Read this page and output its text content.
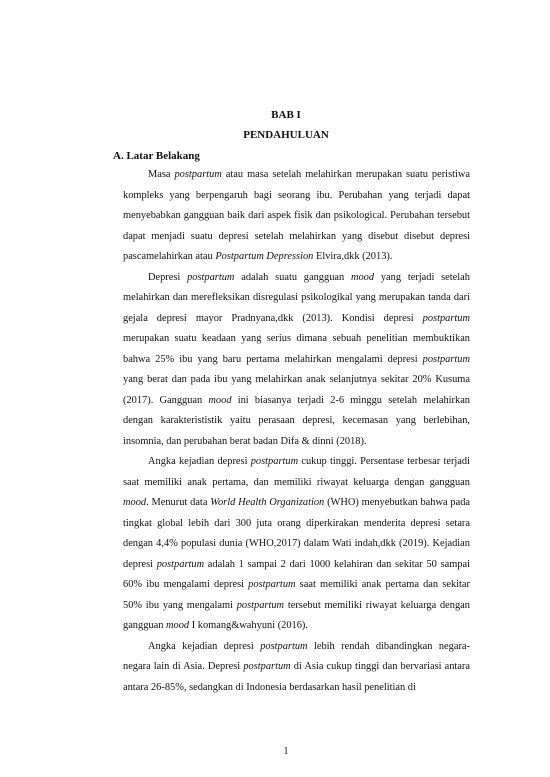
BAB I
PENDAHULUAN
A. Latar Belakang

Masa postpartum atau masa setelah melahirkan merupakan suatu peristiwa kompleks yang berpengaruh bagi seorang ibu. Perubahan yang terjadi dapat menyebabkan gangguan baik dari aspek fisik dan psikological. Perubahan tersebut dapat menjadi suatu depresi setelah melahirkan yang disebut disebut depresi pascamelahirkan atau Postpartum Depression Elvira,dkk (2013).

Depresi postpartum adalah suatu gangguan mood yang terjadi setelah melahirkan dan merefleksikan disregulasi psikologikal yang merupakan tanda dari gejala depresi mayor Pradnyana,dkk (2013). Kondisi depresi postpartum merupakan suatu keadaan yang serius dimana sebuah penelitian membuktikan bahwa 25% ibu yang baru pertama melahirkan mengalami depresi postpartum yang berat dan pada ibu yang melahirkan anak selanjutnya sekitar 20% Kusuma (2017). Gangguan mood ini biasanya terjadi 2-6 minggu setelah melahirkan dengan karakterististik yaitu perasaan depresi, kecemasan yang berlebihan, insomnia, dan perubahan berat badan Difa & dinni (2018).

Angka kejadian depresi postpartum cukup tinggi. Persentase terbesar terjadi saat memiliki anak pertama, dan memiliki riwayat keluarga dengan gangguan mood. Menurut data World Health Organization (WHO) menyebutkan bahwa pada tingkat global lebih dari 300 juta orang diperkirakan menderita depresi setara dengan 4,4% populasi dunia (WHO,2017) dalam Wati indah,dkk (2019). Kejadian depresi postpartum adalah 1 sampai 2 dari 1000 kelahiran dan sekitar 50 sampai 60% ibu mengalami depresi postpartum saat memiliki anak pertama dan sekitar 50% ibu yang mengalami postpartum tersebut memiliki riwayat keluarga dengan gangguan mood I komang&wahyuni (2016).

Angka kejadian depresi postpartum lebih rendah dibandingkan negara-negara lain di Asia. Depresi postpartum di Asia cukup tinggi dan bervariasi antara antara 26-85%, sedangkan di Indonesia berdasarkan hasil penelitian di

1
